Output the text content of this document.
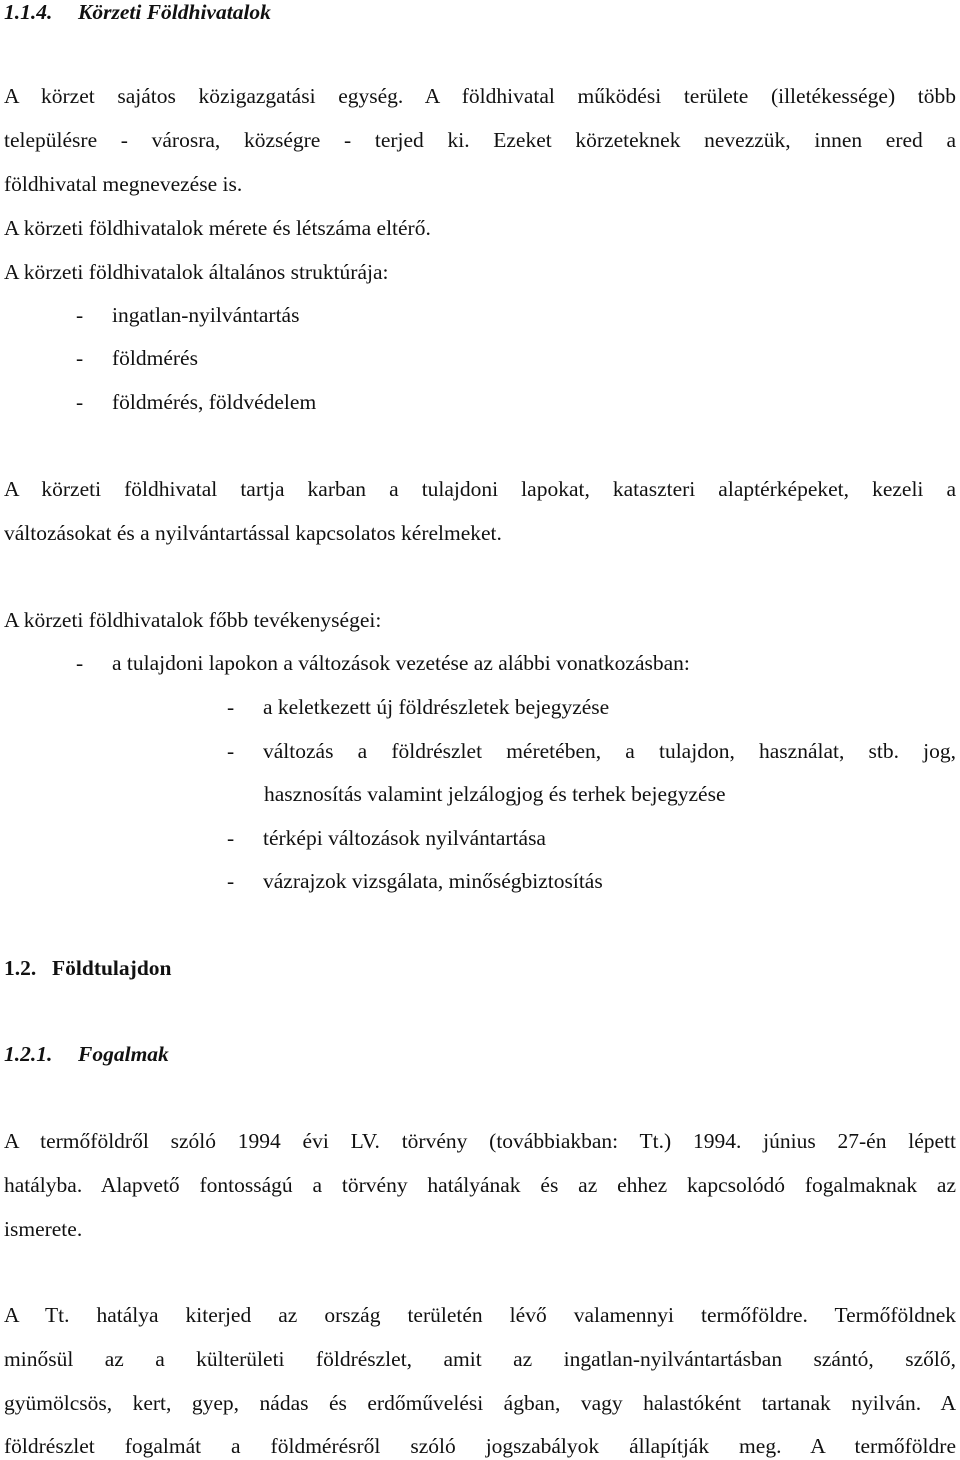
1.1.4. Körzeti Földhivatalok
A körzet sajátos közigazgatási egység. A földhivatal működési területe (illetékessége) több
településre - városra, községre - terjed ki. Ezeket körzeteknek nevezzük, innen ered a
földhivatal megnevezése is.
A körzeti földhivatalok mérete és létszáma eltérő.
A körzeti földhivatalok általános struktúrája:
- ingatlan-nyilvántartás
- földmérés
- földmérés, földvédelem
A körzeti földhivatal tartja karban a tulajdoni lapokat, kataszteri alaptérképeket, kezeli a
változásokat és a nyilvántartással kapcsolatos kérelmeket.
A körzeti földhivatalok főbb tevékenységei:
- a tulajdoni lapokon a változások vezetése az alábbi vonatkozásban:
- a keletkezett új földrészletek bejegyzése
- változás a földrészlet méretében, a tulajdon, használat, stb. jog,
hasznosítás valamint jelzálogjog és terhek bejegyzése
- térképi változások nyilvántartása
- vázrajzok vizsgálata, minőségbiztosítás
1.2. Földtulajdon
1.2.1. Fogalmak
A termőföldről szóló 1994 évi LV. törvény (továbbiakban: Tt.) 1994. június 27-én lépett
hatályba. Alapvető fontosságú a törvény hatályának és az ehhez kapcsolódó fogalmaknak az
ismerete.
A Tt. hatálya kiterjed az ország területén lévő valamennyi termőföldre. Termőföldnek
minősül az a külterületi földrészlet, amit az ingatlan-nyilvántartásban szántó, szőlő,
gyümölcsös, kert, gyep, nádas és erdőművelési ágban, vagy halastóként tartanak nyilván. A
földrészlet fogalmát a földmérésről szóló jogszabályok állapítják meg. A termőföldre
